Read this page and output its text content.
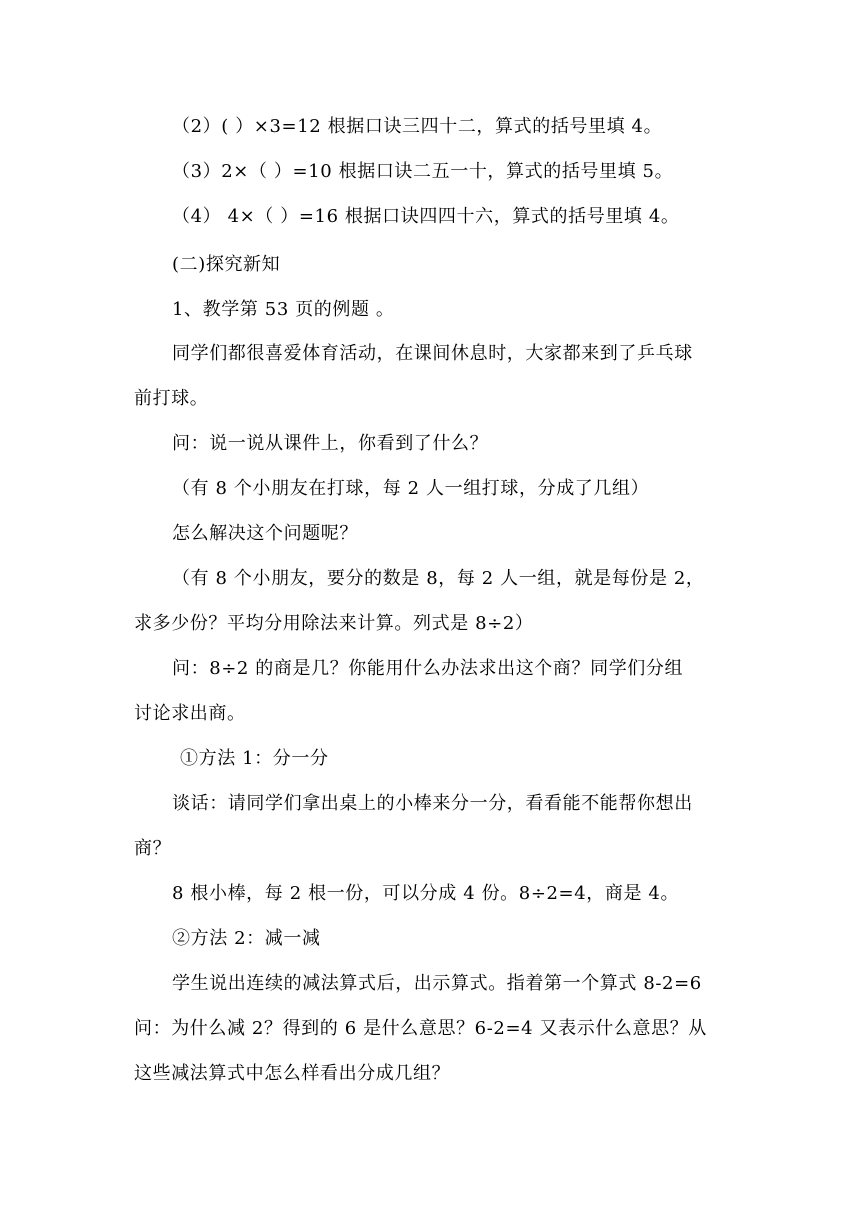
（2）( ）×3=12 根据口诀三四十二，算式的括号里填 4。
（3）2×（ ）=10 根据口诀二五一十，算式的括号里填 5。
（4） 4×（ ）=16 根据口诀四四十六，算式的括号里填 4。
(二)探究新知
1、教学第 53 页的例题 。
同学们都很喜爱体育活动，在课间休息时，大家都来到了乒乓球
前打球。
问：说一说从课件上，你看到了什么？
（有 8 个小朋友在打球，每 2 人一组打球，分成了几组）
怎么解决这个问题呢？
（有 8 个小朋友，要分的数是 8，每 2 人一组，就是每份是 2，
求多少份？平均分用除法来计算。列式是 8÷2）
问：8÷2 的商是几？你能用什么办法求出这个商？同学们分组
讨论求出商。
①方法 1：分一分
谈话：请同学们拿出桌上的小棒来分一分，看看能不能帮你想出
商？
8 根小棒，每 2 根一份，可以分成 4 份。8÷2=4，商是 4。
②方法 2：减一减
学生说出连续的减法算式后，出示算式。指着第一个算式 8-2=6
问：为什么减 2？得到的 6 是什么意思？6-2=4 又表示什么意思？从
这些减法算式中怎么样看出分成几组？
